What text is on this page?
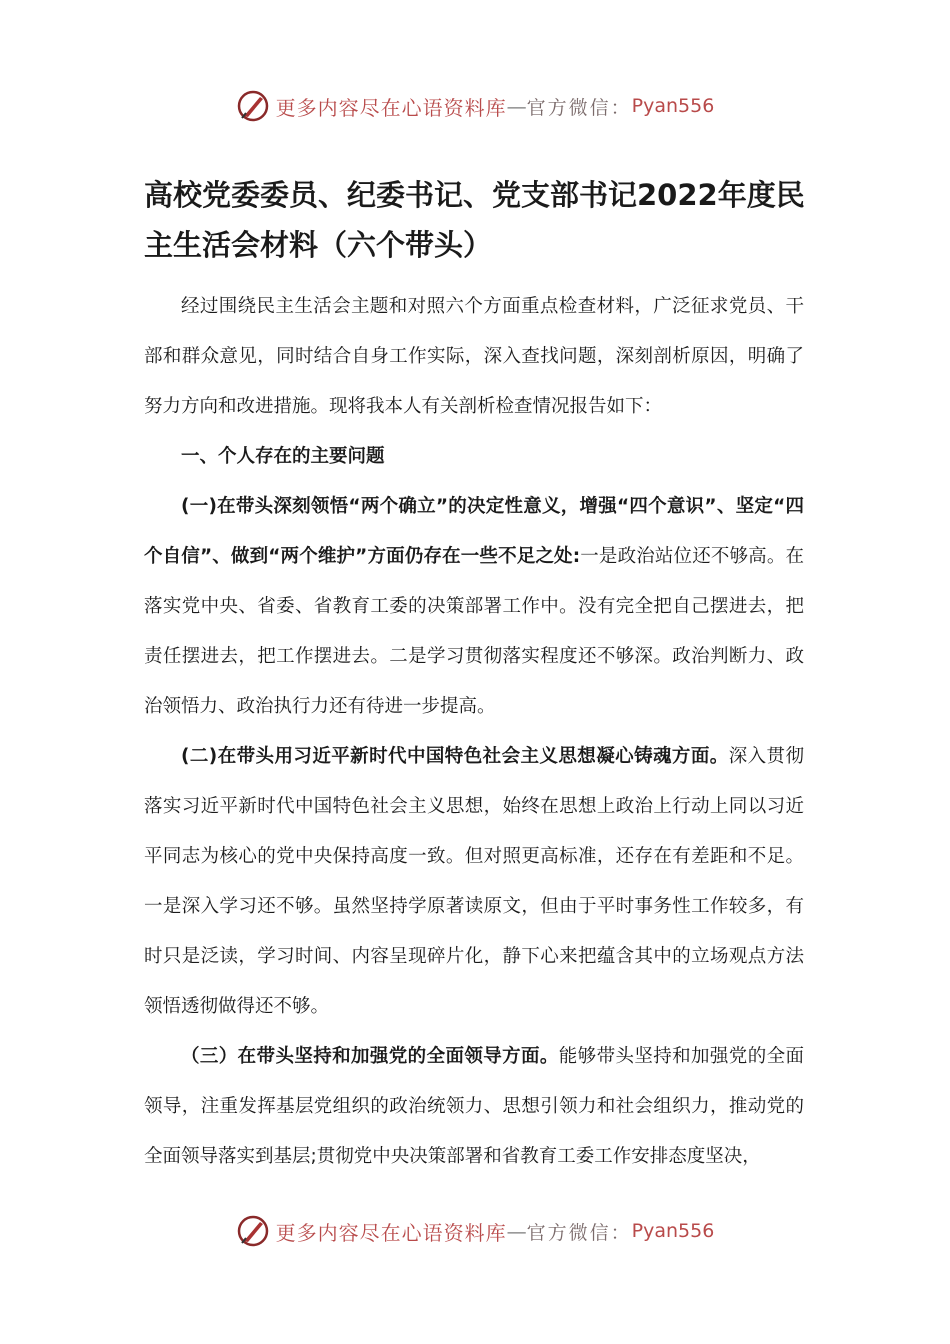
更多内容尽在心语资料库 — 官方微信： Pyan556
高校党委委员、纪委书记、党支部书记2022年度民主生活会材料（六个带头）

经过围绕民主生活会主题和对照六个方面重点检查材料，广泛征求党员、干部和群众意见，同时结合自身工作实际，深入查找问题，深刻剖析原因，明确了努力方向和改进措施。现将我本人有关剖析检查情况报告如下：

一、个人存在的主要问题

(一)在带头深刻领悟“两个确立”的决定性意义，增强“四个意识”、坚定“四个自信”、做到“两个维护”方面仍存在一些不足之处:一是政治站位还不够高。在落实党中央、省委、省教育工委的决策部署工作中。没有完全把自己摆进去，把责任摆进去，把工作摆进去。二是学习贯彻落实程度还不够深。政治判断力、政治领悟力、政治执行力还有待进一步提高。

(二)在带头用习近平新时代中国特色社会主义思想凝心铸魂方面。深入贯彻落实习近平新时代中国特色社会主义思想，始终在思想上政治上行动上同以习近平同志为核心的党中央保持高度一致。但对照更高标准，还存在有差距和不足。一是深入学习还不够。虽然坚持学原著读原文，但由于平时事务性工作较多，有时只是泛读，学习时间、内容呈现碎片化，静下心来把蕴含其中的立场观点方法领悟透彻做得还不够。

（三）在带头坚持和加强党的全面领导方面。能够带头坚持和加强党的全面领导，注重发挥基层党组织的政治统领力、思想引领力和社会组织力，推动党的全面领导落实到基层;贯彻党中央决策部署和省教育工委工作安排态度坚决，

更多内容尽在心语资料库 — 官方微信： Pyan556
